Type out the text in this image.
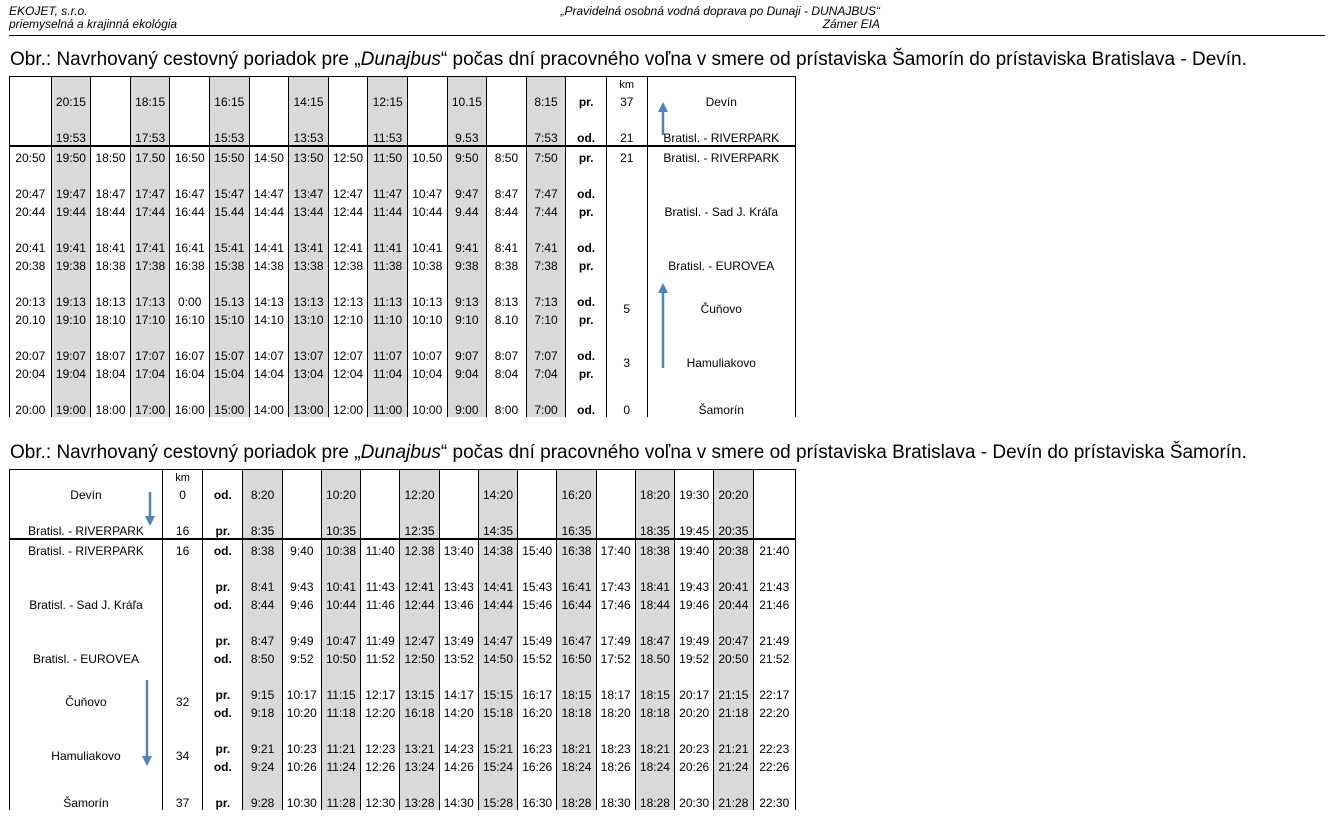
EKOJET, s.r.o.
priemyselná a krajinná ekológia
„Pravidelná osobná vodná doprava po Dunaji - DUNAJBUS“
Zámer EIA
Obr.: Navrhovaný cestovný poriadok pre „Dunajbus“ počas dní pracovného voľna v smere od prístaviska Šamorín do prístaviska Bratislava - Devín.
															km	
	20:15		18:15		16:15		14:15		12:15		10.15		8:15	pr.	37	Devín

	19:53		17:53		15:53		13:53		11:53		9.53		7:53	od.	21	Bratisl. - RIVERPARK
20:50	19:50	18:50	17.50	16:50	15:50	14:50	13:50	12:50	11:50	10.50	9:50	8:50	7:50	pr.	21	Bratisl. - RIVERPARK

20:47	19:47	18:47	17:47	16:47	15:47	14:47	13:47	12:47	11:47	10:47	9:47	8:47	7:47	od.		
20:44	19:44	18:44	17:44	16:44	15.44	14:44	13:44	12:44	11:44	10:44	9.44	8:44	7:44	pr.		Bratisl. - Sad J. Kráľa

20:41	19:41	18:41	17:41	16:41	15:41	14:41	13:41	12:41	11:41	10:41	9:41	8:41	7:41	od.		
20:38	19:38	18:38	17:38	16:38	15:38	14:38	13:38	12:38	11:38	10:38	9:38	8:38	7:38	pr.		Bratisl. - EUROVEA

20:13	19:13	18:13	17:13	0:00	15.13	14:13	13:13	12:13	11:13	10:13	9:13	8:13	7:13	od.	5	Čuňovo
20.10	19:10	18:10	17:10	16:10	15:10	14:10	13:10	12:10	11:10	10:10	9:10	8.10	7:10	pr.		

20:07	19:07	18:07	17:07	16:07	15:07	14:07	13:07	12:07	11:07	10:07	9:07	8:07	7:07	od.	3	Hamuliakovo
20:04	19:04	18:04	17:04	16:04	15:04	14:04	13:04	12:04	11:04	10:04	9:04	8:04	7:04	pr.		

20:00	19:00	18:00	17:00	16:00	15:00	14:00	13:00	12:00	11:00	10:00	9:00	8:00	7:00	od.	0	Šamorín
Obr.: Navrhovaný cestovný poriadok pre „Dunajbus“ počas dní pracovného voľna v smere od prístaviska Bratislava - Devín do prístaviska Šamorín.
	km															
Devín	0	od.	8:20		10:20		12:20		14:20		16:20		18:20	19:30	20:20	

Bratisl. - RIVERPARK	16	pr.	8:35		10:35		12:35		14:35		16:35		18:35	19:45	20:35	
Bratisl. - RIVERPARK	16	od.	8:38	9:40	10:38	11:40	12.38	13:40	14:38	15:40	16:38	17:40	18:38	19:40	20:38	21:40

		pr.	8:41	9:43	10:41	11:43	12:41	13:43	14:41	15:43	16:41	17:43	18:41	19:43	20:41	21:43
Bratisl. - Sad J. Kráľa		od.	8:44	9:46	10:44	11:46	12:44	13:46	14:44	15:46	16:44	17:46	18:44	19:46	20:44	21:46

		pr.	8:47	9:49	10:47	11:49	12:47	13:49	14:47	15:49	16:47	17:49	18:47	19:49	20:47	21:49
Bratisl. - EUROVEA		od.	8:50	9:52	10:50	11:52	12:50	13:52	14:50	15:52	16:50	17:52	18.50	19:52	20:50	21:52

Čuňovo	32	pr.	9:15	10:17	11:15	12:17	13:15	14:17	15:15	16:17	18:15	18:17	18:15	20:17	21:15	22:17
		od.	9:18	10:20	11:18	12:20	16:18	14:20	15:18	16:20	18:18	18:20	18:18	20:20	21:18	22:20

Hamuliakovo	34	pr.	9:21	10:23	11:21	12:23	13:21	14:23	15:21	16:23	18:21	18:23	18:21	20:23	21:21	22:23
		od.	9:24	10:26	11:24	12:26	13:24	14:26	15:24	16:26	18:24	18:26	18:24	20:26	21:24	22:26

Šamorín	37	pr.	9:28	10:30	11:28	12:30	13:28	14:30	15:28	16:30	18:28	18:30	18:28	20:30	21:28	22:30
